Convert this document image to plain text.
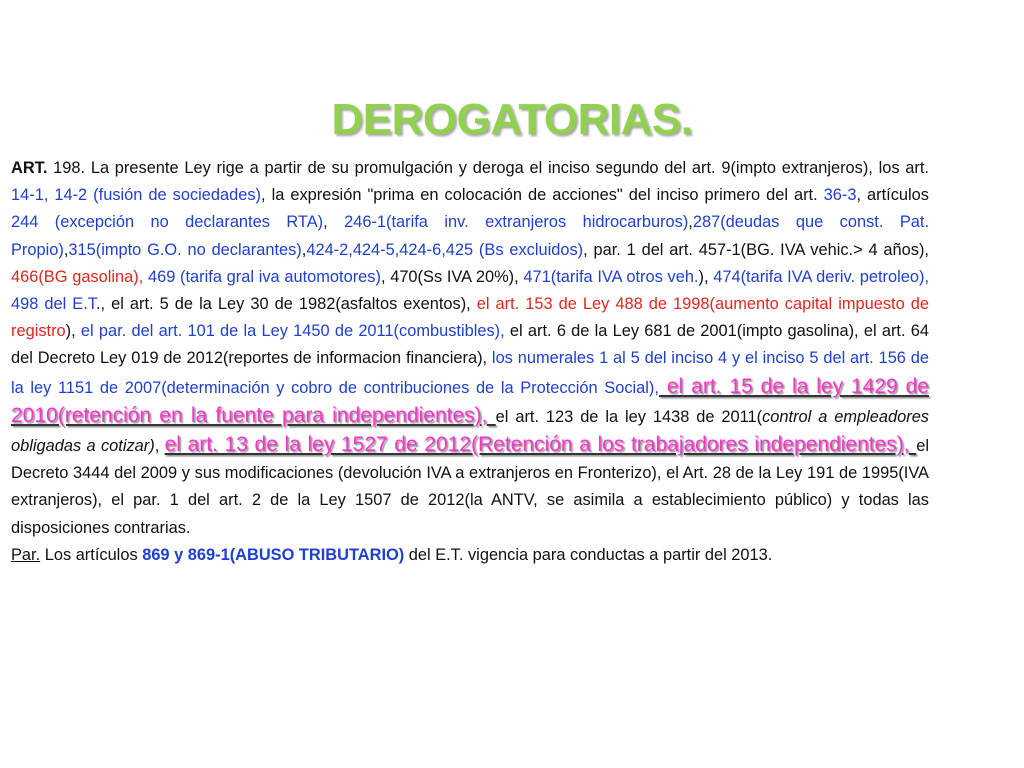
DEROGATORIAS.

ART. 198. La presente Ley rige a partir de su promulgación y deroga el inciso segundo del art. 9(impto extranjeros), los art. 14-1, 14-2 (fusión de sociedades), la expresión "prima en colocación de acciones" del inciso primero del art. 36-3, artículos 244 (excepción no declarantes RTA), 246-1(tarifa inv. extranjeros hidrocarburos),287(deudas que const. Pat. Propio),315(impto G.O. no declarantes),424-2,424-5,424-6,425 (Bs excluidos), par. 1 del art. 457-1(BG. IVA vehic.> 4 años), 466(BG gasolina), 469 (tarifa gral iva automotores), 470(Ss IVA 20%), 471(tarifa IVA otros veh.), 474(tarifa IVA deriv. petroleo), 498 del E.T., el art. 5 de la Ley 30 de 1982(asfaltos exentos), el art. 153 de Ley 488 de 1998(aumento capital impuesto de registro), el par. del art. 101 de la Ley 1450 de 2011(combustibles), el art. 6 de la Ley 681 de 2001(impto gasolina), el art. 64 del Decreto Ley 019 de 2012(reportes de informacion financiera), los numerales 1 al 5 del inciso 4 y el inciso 5 del art. 156 de la ley 1151 de 2007(determinación y cobro de contribuciones de la Protección Social), el art. 15 de la ley 1429 de 2010(retención en la fuente para independientes), el art. 123 de la ley 1438 de 2011(control a empleadores obligadas a cotizar), el art. 13 de la ley 1527 de 2012(Retención a los trabajadores independientes), el Decreto 3444 del 2009 y sus modificaciones (devolución IVA a extranjeros en Fronterizo), el Art. 28 de la Ley 191 de 1995(IVA extranjeros), el par. 1 del art. 2 de la Ley 1507 de 2012(la ANTV, se asimila a establecimiento público) y todas las disposiciones contrarias.

Par. Los artículos 869 y 869-1(ABUSO TRIBUTARIO) del E.T. vigencia para conductas a partir del 2013.
